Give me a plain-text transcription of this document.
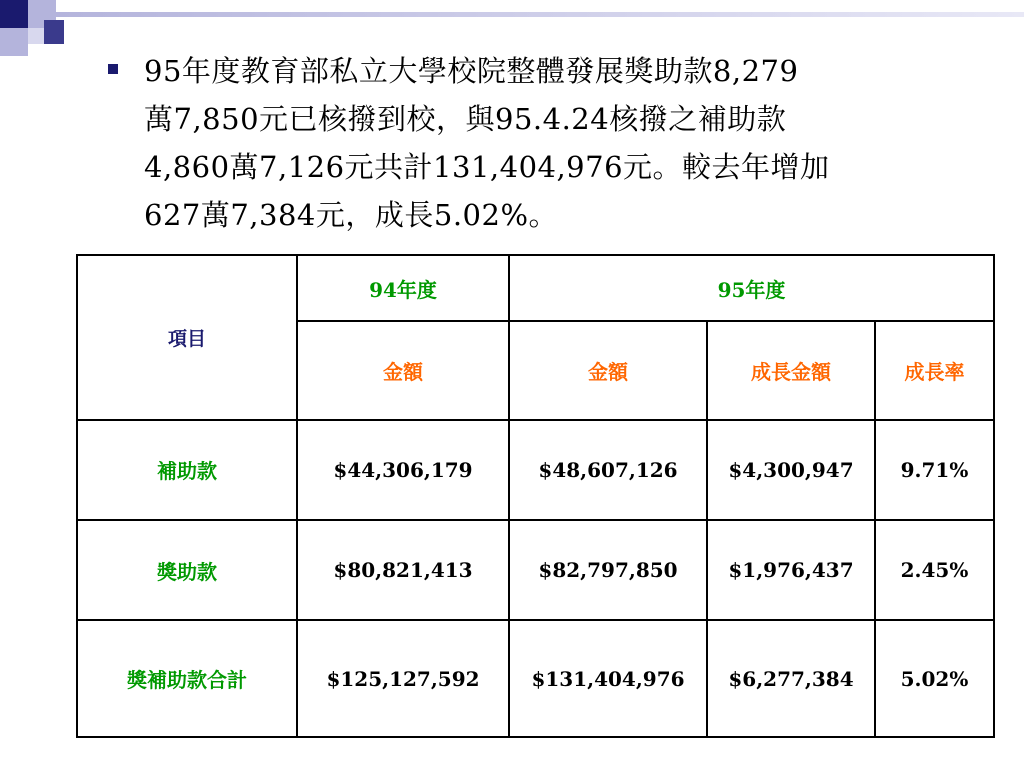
95年度教育部私立大學校院整體發展獎助款8,279
萬7,850元已核撥到校，與95.4.24核撥之補助款
4,860萬7,126元共計131,404,976元。較去年增加
627萬7,384元，成長5.02%。
項目	94年度	95年度		
	金額	金額	成長金額	成長率
補助款	$44,306,179	$48,607,126	$4,300,947	9.71%
獎助款	$80,821,413	$82,797,850	$1,976,437	2.45%
獎補助款合計	$125,127,592	$131,404,976	$6,277,384	5.02%
